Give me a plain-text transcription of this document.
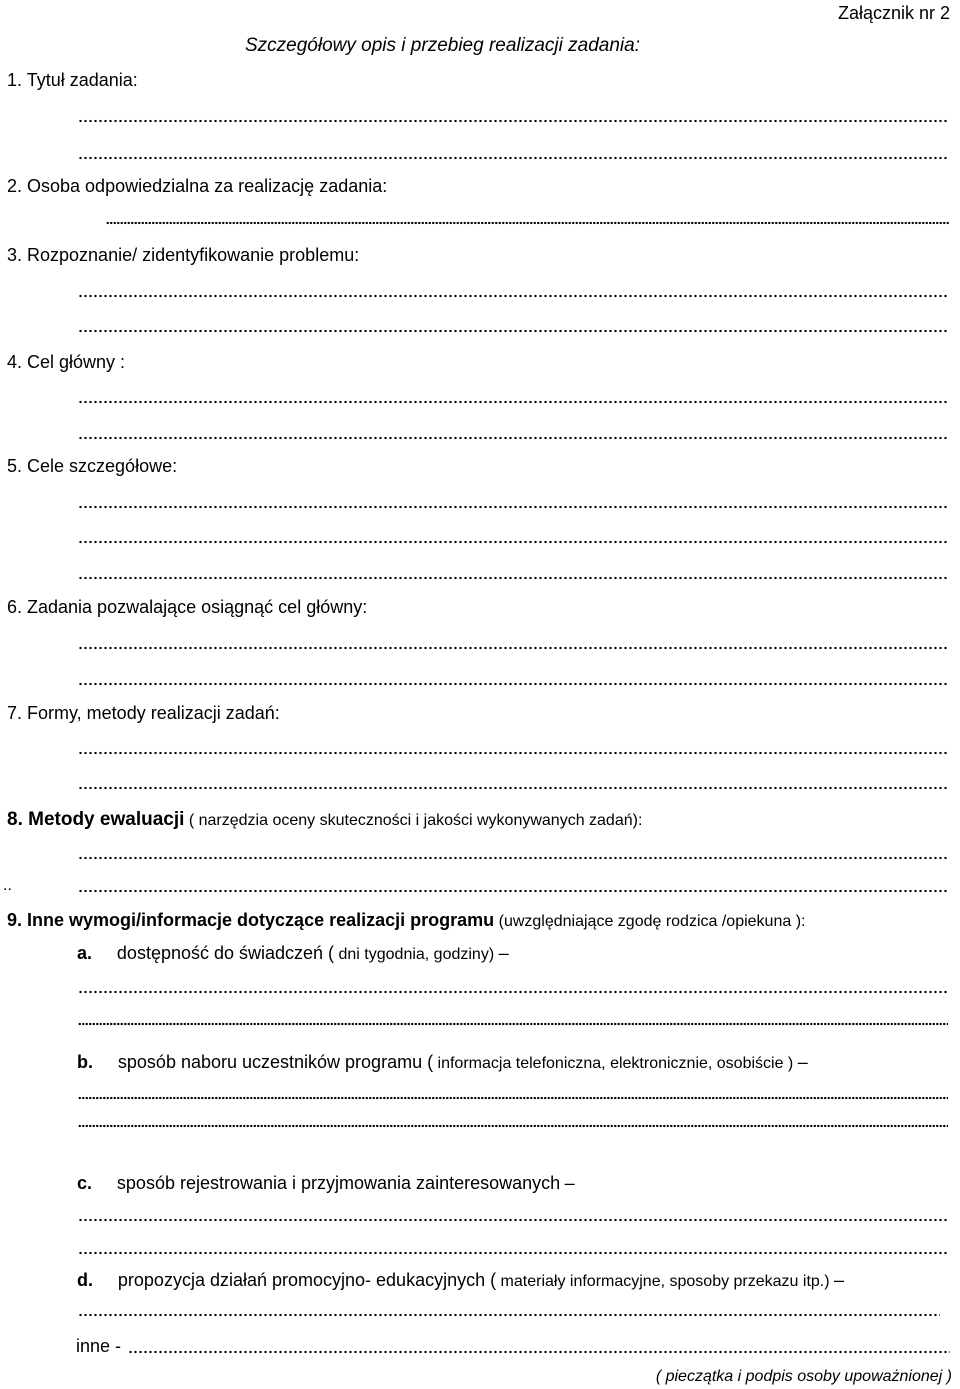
Załącznik nr 2
Szczegółowy opis i przebieg realizacji zadania:
1. Tytuł zadania:
2. Osoba odpowiedzialna za realizację zadania:
3. Rozpoznanie/ zidentyfikowanie problemu:
4. Cel główny :
5. Cele szczegółowe:
6. Zadania pozwalające osiągnąć cel główny:
7. Formy, metody realizacji zadań:
8. Metody ewaluacji ( narzędzia oceny skuteczności i jakości wykonywanych zadań):
..
9. Inne wymogi/informacje dotyczące realizacji programu (uwzględniające zgodę rodzica /opiekuna ):
a. dostępność do świadczeń ( dni tygodnia, godziny) –
b. sposób naboru uczestników programu ( informacja telefoniczna, elektronicznie, osobiście ) –
c. sposób rejestrowania i przyjmowania zainteresowanych –
d. propozycja działań promocyjno- edukacyjnych ( materiały informacyjne, sposoby przekazu itp.) –
inne -
( pieczątka i podpis osoby upoważnionej )
